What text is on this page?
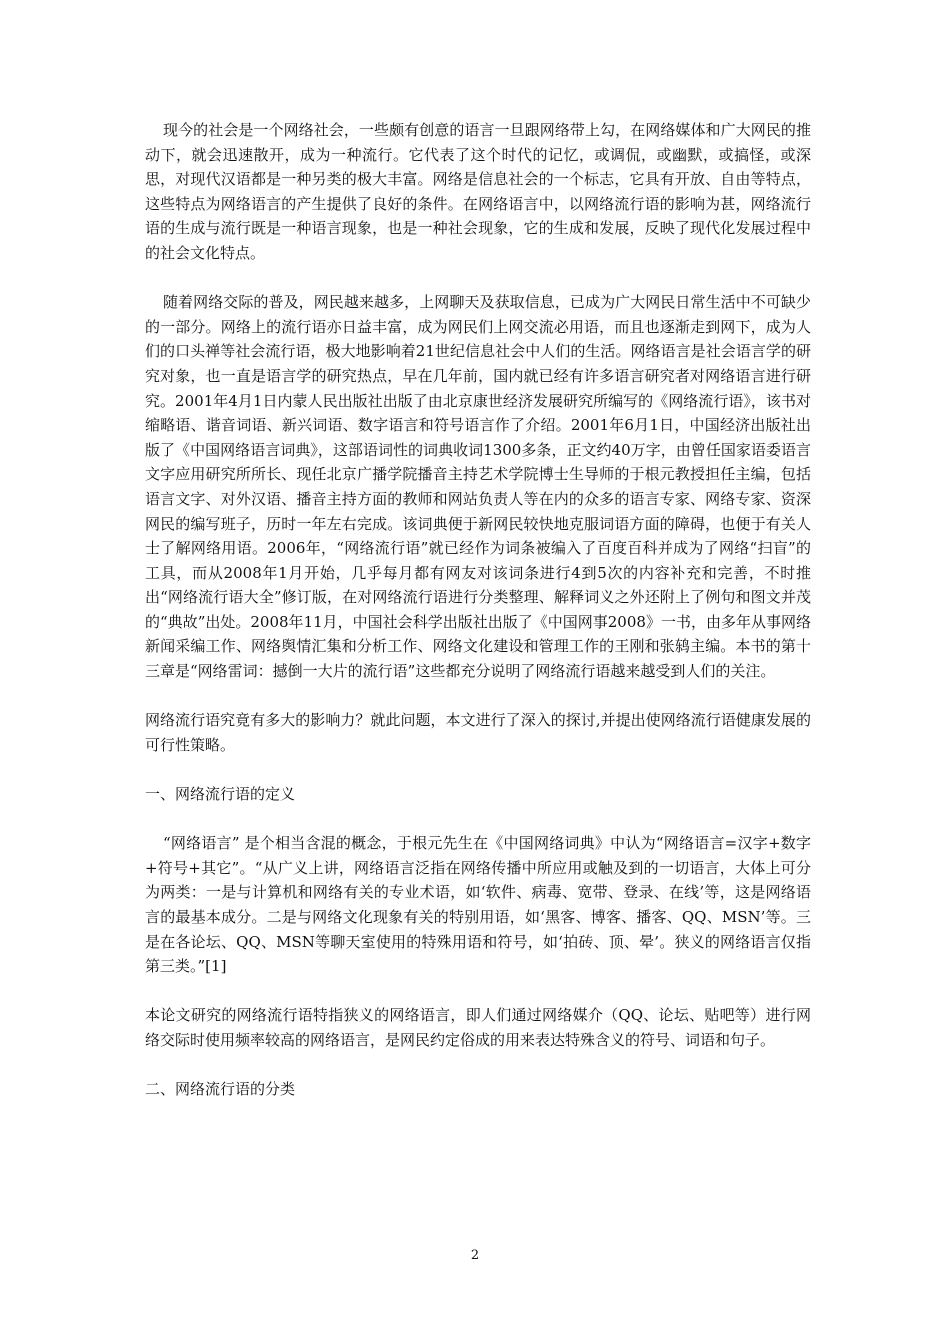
现今的社会是一个网络社会，一些颇有创意的语言一旦跟网络带上勾，在网络媒体和广大网民的推动下，就会迅速散开，成为一种流行。它代表了这个时代的记忆，或调侃，或幽默，或搞怪，或深思，对现代汉语都是一种另类的极大丰富。网络是信息社会的一个标志，它具有开放、自由等特点，这些特点为网络语言的产生提供了良好的条件。在网络语言中，以网络流行语的影响为甚，网络流行语的生成与流行既是一种语言现象，也是一种社会现象，它的生成和发展，反映了现代化发展过程中的社会文化特点。

随着网络交际的普及，网民越来越多，上网聊天及获取信息，已成为广大网民日常生活中不可缺少的一部分。网络上的流行语亦日益丰富，成为网民们上网交流必用语，而且也逐渐走到网下，成为人们的口头禅等社会流行语，极大地影响着21世纪信息社会中人们的生活。网络语言是社会语言学的研究对象，也一直是语言学的研究热点，早在几年前，国内就已经有许多语言研究者对网络语言进行研究。2001年4月1日内蒙人民出版社出版了由北京康世经济发展研究所编写的《网络流行语》，该书对缩略语、谐音词语、新兴词语、数字语言和符号语言作了介绍。2001年6月1日，中国经济出版社出版了《中国网络语言词典》，这部语词性的词典收词1300多条，正文约40万字，由曾任国家语委语言文字应用研究所所长、现任北京广播学院播音主持艺术学院博士生导师的于根元教授担任主编，包括语言文字、对外汉语、播音主持方面的教师和网站负责人等在内的众多的语言专家、网络专家、资深网民的编写班子，历时一年左右完成。该词典便于新网民较快地克服词语方面的障碍，也便于有关人士了解网络用语。2006年，“网络流行语”就已经作为词条被编入了百度百科并成为了网络“扫盲”的工具，而从2008年1月开始，几乎每月都有网友对该词条进行4到5次的内容补充和完善，不时推出“网络流行语大全”修订版，在对网络流行语进行分类整理、解释词义之外还附上了例句和图文并茂的“典故”出处。2008年11月，中国社会科学出版社出版了《中国网事2008》一书，由多年从事网络新闻采编工作、网络舆情汇集和分析工作、网络文化建设和管理工作的王刚和张鸫主编。本书的第十三章是“网络雷词：撼倒一大片的流行语”这些都充分说明了网络流行语越来越受到人们的关注。

网络流行语究竟有多大的影响力？就此问题，本文进行了深入的探讨,并提出使网络流行语健康发展的可行性策略。

一、网络流行语的定义

“网络语言” 是个相当含混的概念，于根元先生在《中国网络词典》中认为“网络语言=汉字+数字+符号+其它”。“从广义上讲，网络语言泛指在网络传播中所应用或触及到的一切语言，大体上可分为两类：一是与计算机和网络有关的专业术语，如‘软件、病毒、宽带、登录、在线’等，这是网络语言的最基本成分。二是与网络文化现象有关的特别用语，如‘黑客、博客、播客、QQ、MSN’等。三是在各论坛、QQ、MSN等聊天室使用的特殊用语和符号，如‘拍砖、顶、晕’。狭义的网络语言仅指第三类。”[1]

本论文研究的网络流行语特指狭义的网络语言，即人们通过网络媒介（QQ、论坛、贴吧等）进行网络交际时使用频率较高的网络语言，是网民约定俗成的用来表达特殊含义的符号、词语和句子。

二、网络流行语的分类

2
